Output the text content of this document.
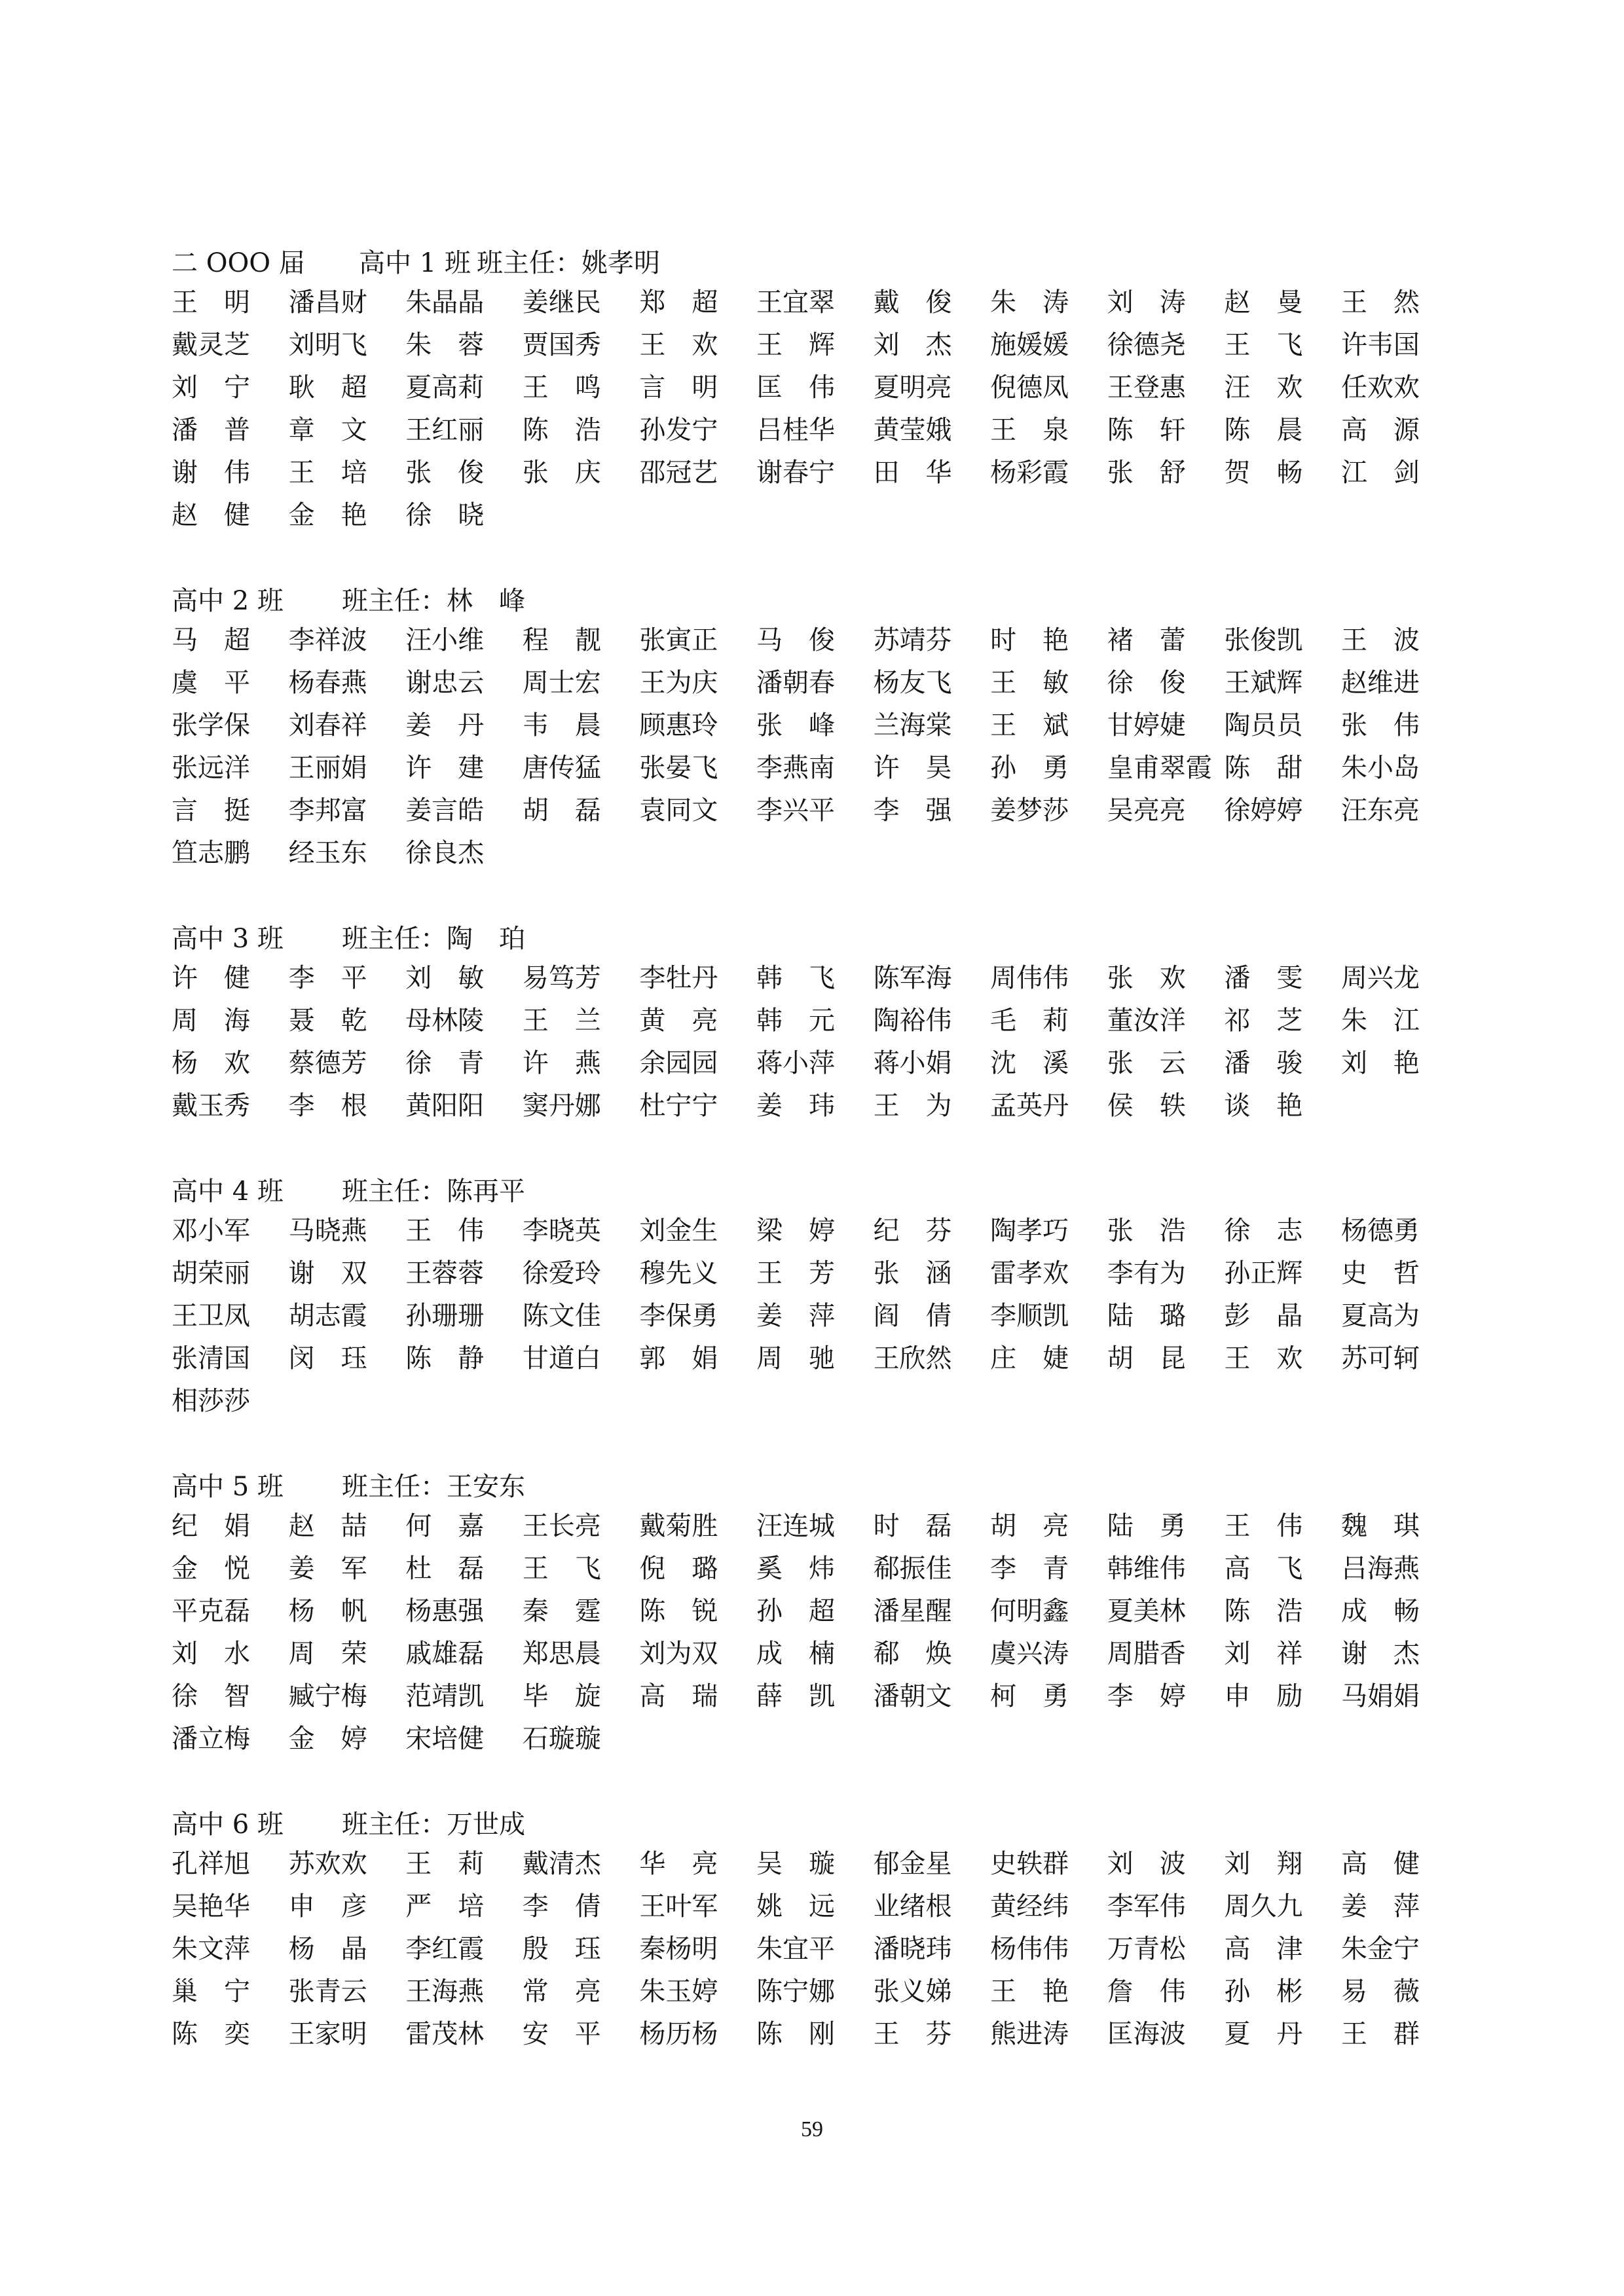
二 OOO 届	高中 1 班 班主任： 姚孝明
王　明	潘昌财	朱晶晶	姜继民	郑　超	王宜翠	戴　俊	朱　涛	刘　涛	赵　曼	王　然
戴灵芝	刘明飞	朱　蓉	贾国秀	王　欢	王　辉	刘　杰	施媛媛	徐德尧	王　飞	许韦国
刘　宁	耿　超	夏高莉	王　鸣	言　明	匡　伟	夏明亮	倪德凤	王登惠	汪　欢	任欢欢
潘　普	章　文	王红丽	陈　浩	孙发宁	吕桂华	黄莹娥	王　泉	陈　轩	陈　晨	高　源
谢　伟	王　培	张　俊	张　庆	邵冠艺	谢春宁	田　华	杨彩霞	张　舒	贺　畅	江　剑
赵　健	金　艳	徐　晓
高中 2 班	班主任： 林　峰
马　超	李祥波	汪小维	程　靓	张寅正	马　俊	苏靖芬	时　艳	褚　蕾	张俊凯	王　波
虞　平	杨春燕	谢忠云	周士宏	王为庆	潘朝春	杨友飞	王　敏	徐　俊	王斌辉	赵维进
张学保	刘春祥	姜　丹	韦　晨	顾惠玲	张　峰	兰海棠	王　斌	甘婷婕	陶员员	张　伟
张远洋	王丽娟	许　建	唐传猛	张晏飞	李燕南	许　昊	孙　勇	皇甫翠霞 陈　甜	朱小岛
言　挺	李邦富	姜言皓	胡　磊	袁同文	李兴平	李　强	姜梦莎	吴亮亮	徐婷婷	汪东亮
笪志鹏	经玉东	徐良杰
高中 3 班	班主任： 陶　珀
许　健	李　平	刘　敏	易笃芳	李牡丹	韩　飞	陈军海	周伟伟	张　欢	潘　雯	周兴龙
周　海	聂　乾	母林陵	王　兰	黄　亮	韩　元	陶裕伟	毛　莉	董汝洋	祁　芝	朱　江
杨　欢	蔡德芳	徐　青	许　燕	余园园	蒋小萍	蒋小娟	沈　溪	张　云	潘　骏	刘　艳
戴玉秀	李　根	黄阳阳	窦丹娜	杜宁宁	姜　玮	王　为	孟英丹	侯　轶	谈　艳
高中 4 班	班主任： 陈再平
邓小军	马晓燕	王　伟	李晓英	刘金生	梁　婷	纪　芬	陶孝巧	张　浩	徐　志	杨德勇
胡荣丽	谢　双	王蓉蓉	徐爱玲	穆先义	王　芳	张　涵	雷孝欢	李有为	孙正辉	史　哲
王卫凤	胡志霞	孙珊珊	陈文佳	李保勇	姜　萍	阎　倩	李顺凯	陆　璐	彭　晶	夏高为
张清国	闵　珏	陈　静	甘道白	郭　娟	周　驰	王欣然	庄　婕	胡　昆	王　欢	苏可轲
相莎莎
高中 5 班	班主任： 王安东
纪　娟	赵　喆	何　嘉	王长亮	戴菊胜	汪连城	时　磊	胡　亮	陆　勇	王　伟	魏　琪
金　悦	姜　军	杜　磊	王　飞	倪　璐	奚　炜	郗振佳	李　青	韩维伟	高　飞	吕海燕
平克磊	杨　帆	杨惠强	秦　霆	陈　锐	孙　超	潘星醒	何明鑫	夏美林	陈　浩	成　畅
刘　水	周　荣	戚雄磊	郑思晨	刘为双	成　楠	郗　焕	虞兴涛	周腊香	刘　祥	谢　杰
徐　智	臧宁梅	范靖凯	毕　旋	高　瑞	薛　凯	潘朝文	柯　勇	李　婷	申　励	马娟娟
潘立梅	金　婷	宋培健	石璇璇
高中 6 班	班主任： 万世成
孔祥旭	苏欢欢	王　莉	戴清杰	华　亮	吴　璇	郁金星	史轶群	刘　波	刘　翔	高　健
吴艳华	申　彦	严　培	李　倩	王叶军	姚　远	业绪根	黄经纬	李军伟	周久九	姜　萍
朱文萍	杨　晶	李红霞	殷　珏	秦杨明	朱宜平	潘晓玮	杨伟伟	万青松	高　津	朱金宁
巢　宁	张青云	王海燕	常　亮	朱玉婷	陈宁娜	张义娣	王　艳	詹　伟	孙　彬	易　薇
陈　奕	王家明	雷茂林	安　平	杨历杨	陈　刚	王　芬	熊进涛	匡海波	夏　丹	王　群
59
